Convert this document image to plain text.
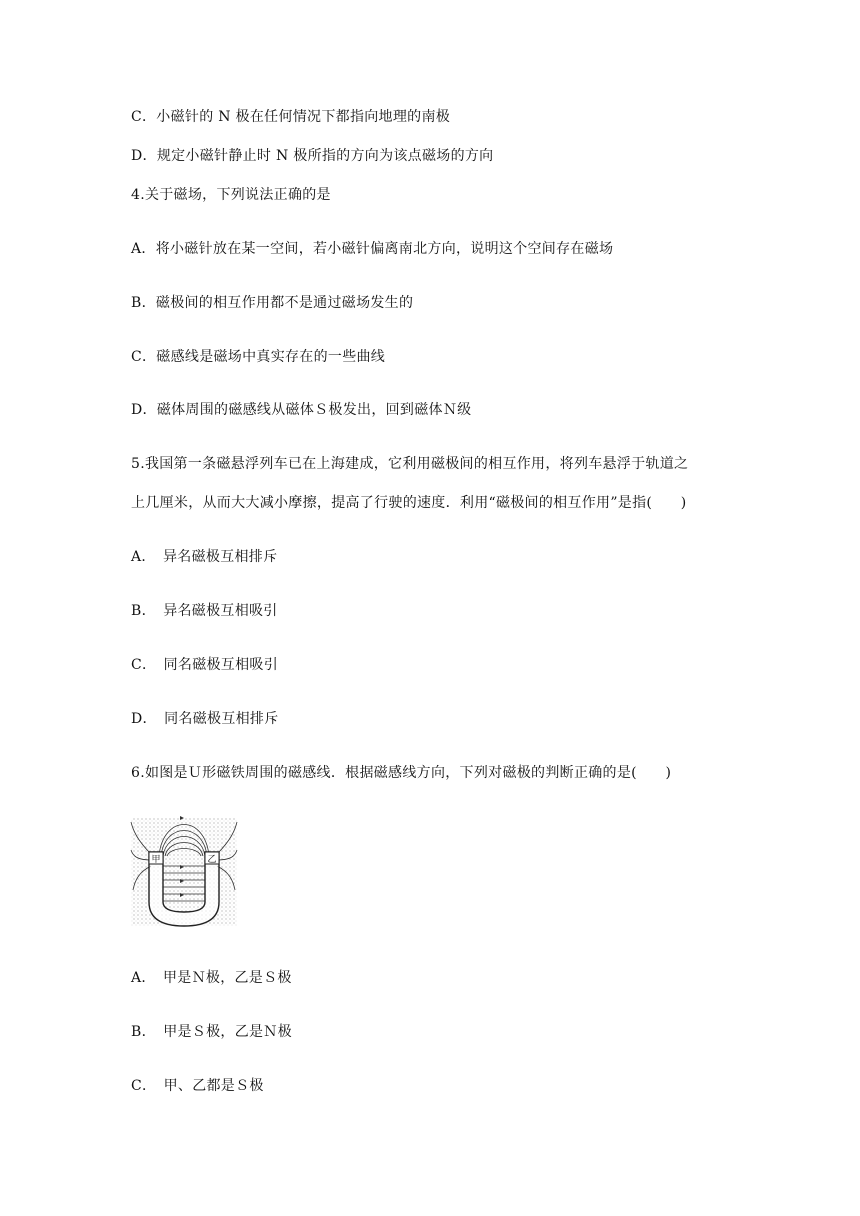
C．小磁针的 N 极在任何情况下都指向地理的南极
D．规定小磁针静止时 N 极所指的方向为该点磁场的方向
4.关于磁场，下列说法正确的是
A．将小磁针放在某一空间，若小磁针偏离南北方向，说明这个空间存在磁场
B．磁极间的相互作用都不是通过磁场发生的
C．磁感线是磁场中真实存在的一些曲线
D．磁体周围的磁感线从磁体Ｓ极发出，回到磁体Ｎ级
5.我国第一条磁悬浮列车已在上海建成，它利用磁极间的相互作用，将列车悬浮于轨道之
上几厘米，从而大大减小摩擦，提高了行驶的速度．利用“磁极间的相互作用”是指(　　)
A．　异名磁极互相排斥
B．　异名磁极互相吸引
C．　同名磁极互相吸引
D．　同名磁极互相排斥
6.如图是Ｕ形磁铁周围的磁感线．根据磁感线方向，下列对磁极的判断正确的是(　　)
甲	乙
A．　甲是Ｎ极，乙是Ｓ极
B．　甲是Ｓ极，乙是Ｎ极
C．　甲、乙都是Ｓ极
